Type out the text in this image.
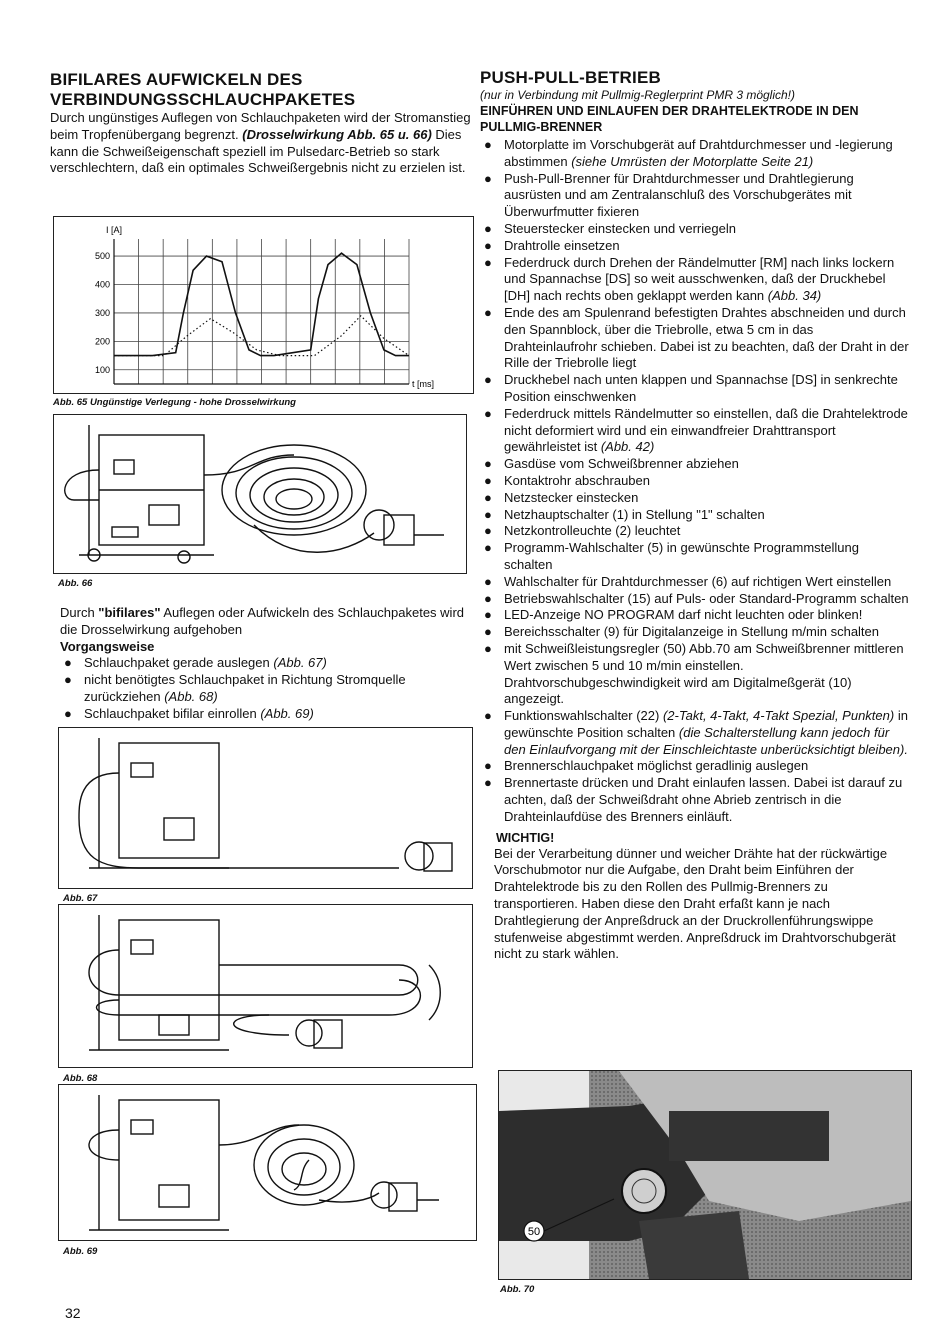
BIFILARES AUFWICKELN DES
VERBINDUNGSSCHLAUCHPAKETES

Durch ungünstiges Auflegen von Schlauchpaketen wird der Stromanstieg beim Tropfenübergang begrenzt. (Drosselwirkung Abb. 65 u. 66) Dies kann die Schweißeigenschaft speziell im Pulsedarc-Betrieb so stark verschlechtern, daß ein optimales Schweißergebnis nicht zu erzielen ist.

500
400
300
200
100
I [A]
t [ms]
Abb. 65 Ungünstige Verlegung - hohe Drosselwirkung
Abb. 66

Durch "bifilares" Auflegen oder Aufwickeln des Schlauchpaketes wird die Drosselwirkung aufgehoben

Vorgangsweise

● Schlauchpaket gerade auslegen (Abb. 67)
● nicht benötigtes Schlauchpaket in Richtung Stromquelle zurückziehen (Abb. 68)
● Schlauchpaket bifilar einrollen (Abb. 69)
Abb. 67
Abb. 68
Abb. 69
PUSH-PULL-BETRIEB

(nur in Verbindung mit Pullmig-Reglerprint PMR 3 möglich!)

EINFÜHREN UND EINLAUFEN DER DRAHTELEKTRODE IN DEN PULLMIG-BRENNER
● Motorplatte im Vorschubgerät auf Drahtdurchmesser und -legierung abstimmen (siehe Umrüsten der Motorplatte Seite 21)
● Push-Pull-Brenner für Drahtdurchmesser und Drahtlegierung ausrüsten und am Zentralanschluß des Vorschubgerätes mit Überwurfmutter fixieren
● Steuerstecker einstecken und verriegeln
● Drahtrolle einsetzen
● Federdruck durch Drehen der Rändelmutter [RM] nach links lockern und Spannachse [DS] so weit ausschwenken, daß der Druckhebel [DH] nach rechts oben geklappt werden kann (Abb. 34)
● Ende des am Spulenrand befestigten Drahtes abschneiden und durch den Spannblock, über die Triebrolle, etwa 5 cm in das Drahteinlaufrohr schieben. Dabei ist zu beachten, daß der Draht in der Rille der Triebrolle liegt
● Druckhebel nach unten klappen und Spannachse [DS] in senkrechte Position einschwenken
● Federdruck mittels Rändelmutter so einstellen, daß die Drahtelektrode nicht deformiert wird und ein einwandfreier Drahttransport gewährleistet ist (Abb. 42)
● Gasdüse vom Schweißbrenner abziehen
● Kontaktrohr abschrauben
● Netzstecker einstecken
● Netzhauptschalter (1) in Stellung "1" schalten
● Netzkontrolleuchte (2) leuchtet
● Programm-Wahlschalter (5) in gewünschte Programmstellung schalten
● Wahlschalter für Drahtdurchmesser (6) auf richtigen Wert einstellen
● Betriebswahlschalter (15) auf Puls- oder Standard-Programm schalten
● LED-Anzeige NO PROGRAM darf nicht leuchten oder blinken!
● Bereichsschalter (9) für Digitalanzeige in Stellung m/min schalten
● mit Schweißleistungsregler (50) Abb.70 am Schweißbrenner mittleren Wert zwischen 5 und 10 m/min einstellen. Drahtvorschubgeschwindigkeit wird am Digitalmeßgerät (10) angezeigt.
● Funktionswahlschalter (22) (2-Takt, 4-Takt, 4-Takt Spezial, Punkten) in gewünschte Position schalten (die Schalterstellung kann jedoch für den Einlaufvorgang mit der Einschleichtaste unberücksichtigt bleiben).
● Brennerschlauchpaket möglichst geradlinig auslegen
● Brennertaste drücken und Draht einlaufen lassen. Dabei ist darauf zu achten, daß der Schweißdraht ohne Abrieb zentrisch in die Drahteinlaufdüse des Brenners einläuft.
WICHTIG!

Bei der Verarbeitung dünner und weicher Drähte hat der rückwärtige Vorschubmotor nur die Aufgabe, den Draht beim Einführen der Drahtelektrode bis zu den Rollen des Pullmig-Brenners zu transportieren. Haben diese den Draht erfaßt kann je nach Drahtlegierung der Anpreßdruck an der Druckrollenführungswippe stufenweise abgestimmt werden. Anpreßdruck im Drahtvorschubgerät nicht zu stark wählen.

50
Abb. 70
32
